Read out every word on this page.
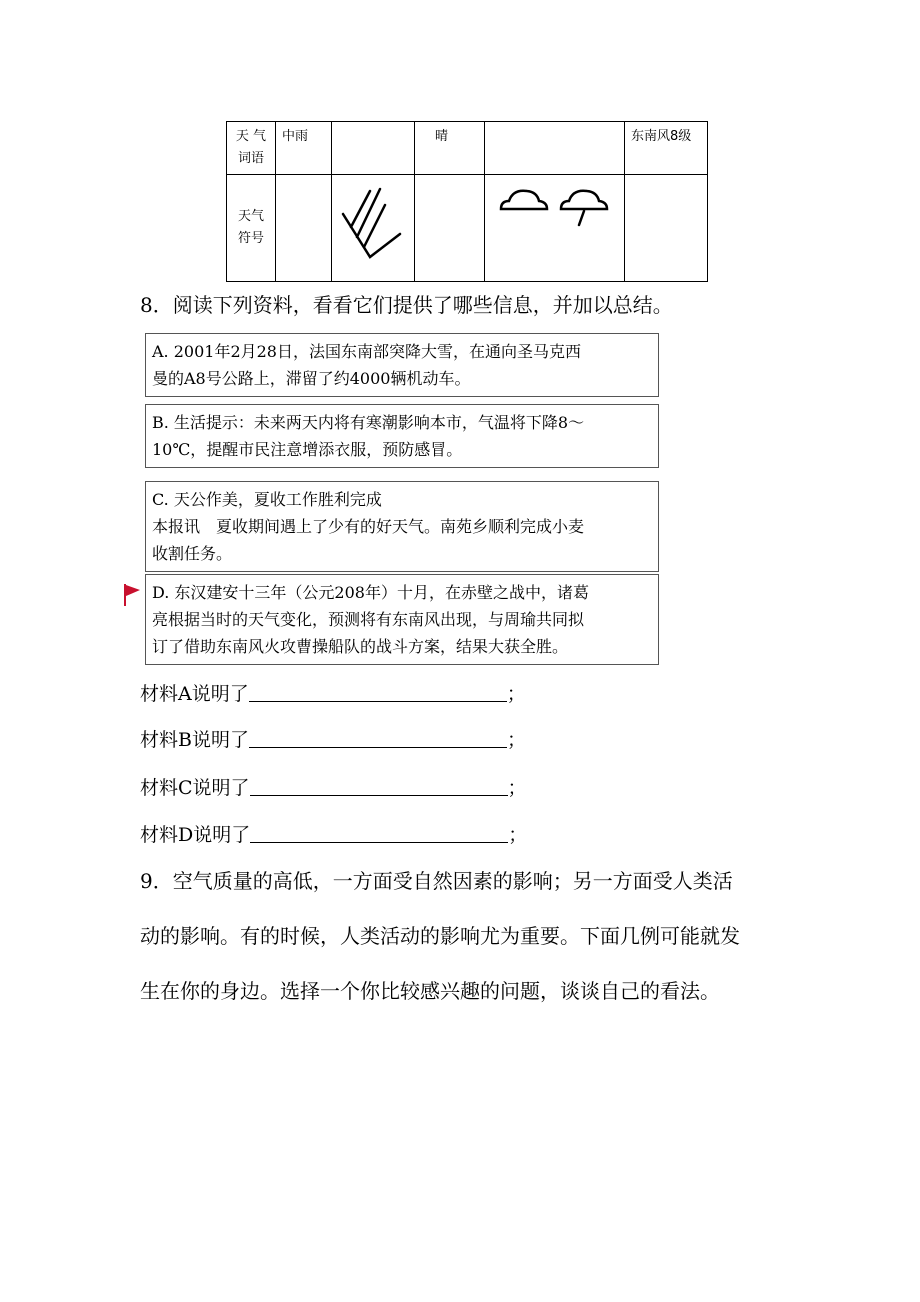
天 气 词语	中雨		晴		东南风8级
天气 符号					
8．阅读下列资料，看看它们提供了哪些信息，并加以总结。

A. 2001年2月28日，法国东南部突降大雪，在通向圣马克西

曼的A8号公路上，滞留了约4000辆机动车。

B. 生活提示：未来两天内将有寒潮影响本市，气温将下降8～

10℃，提醒市民注意增添衣服，预防感冒。

C. 天公作美，夏收工作胜利完成

本报讯　夏收期间遇上了少有的好天气。南苑乡顺利完成小麦

收割任务。

D. 东汉建安十三年（公元208年）十月，在赤壁之战中，诸葛

亮根据当时的天气变化，预测将有东南风出现，与周瑜共同拟

订了借助东南风火攻曹操船队的战斗方案，结果大获全胜。

材料A说明了	；
材料B说明了	；
材料C说明了	；
材料D说明了	；

9．空气质量的高低，一方面受自然因素的影响；另一方面受人类活

动的影响。有的时候，人类活动的影响尤为重要。下面几例可能就发

生在你的身边。选择一个你比较感兴趣的问题，谈谈自己的看法。
